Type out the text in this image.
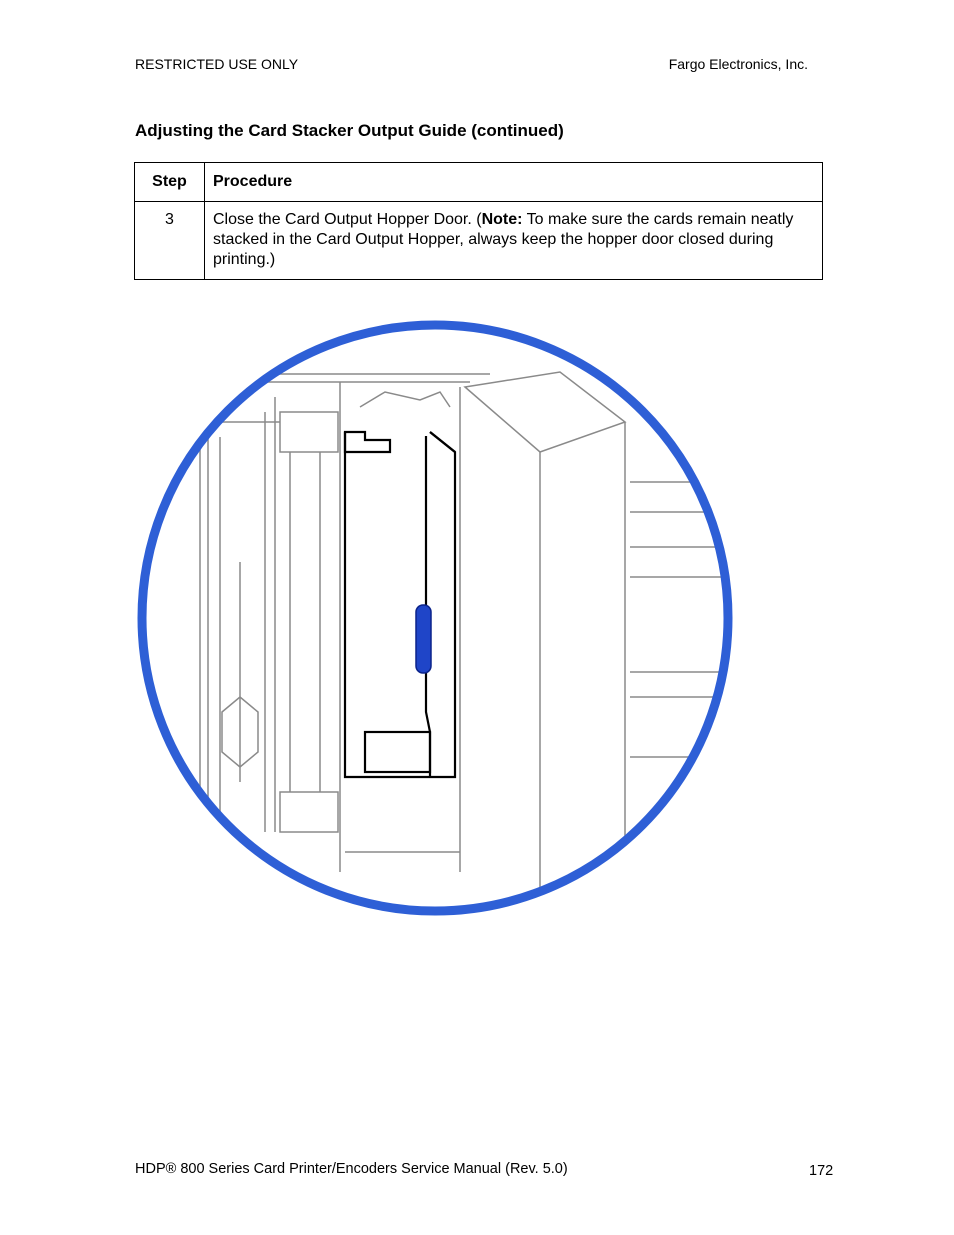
RESTRICTED USE ONLY	Fargo Electronics, Inc.
Adjusting the Card Stacker Output Guide (continued)
Step	Procedure
3	Close the Card Output Hopper Door. (Note: To make sure the cards remain neatly stacked in the Card Output Hopper, always keep the hopper door closed during printing.)
HDP® 800 Series Card Printer/Encoders Service Manual (Rev. 5.0)	172
